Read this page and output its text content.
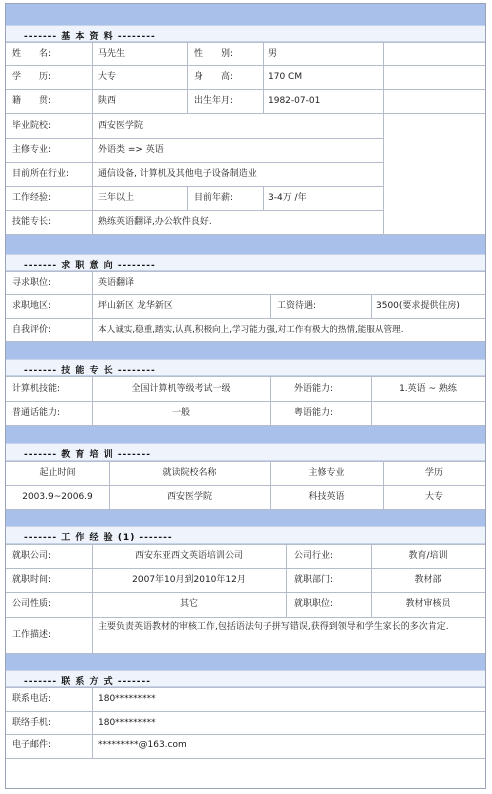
------- 基 本 资 料 --------
姓　　名:	马先生	性　　别:	男
学　　历:	大专	身　　高:	170 CM
籍　　贯:	陕西	出生年月:	1982-07-01
毕业院校:	西安医学院
主修专业:	外语类 => 英语
目前所在行业:	通信设备, 计算机及其他电子设备制造业
工作经验:	三年以上	目前年薪:	3-4万 /年
技能专长:	熟练英语翻译,办公软件良好.
------- 求 职 意 向 --------
寻求职位:	英语翻译
求职地区:	坪山新区 龙华新区	工资待遇:	3500(要求提供住房)
自我评价:	本人诚实,稳重,踏实,认真,积极向上,学习能力强,对工作有极大的热情,能服从管理.
------- 技 能 专 长 --------
计算机技能:	全国计算机等级考试一级	外语能力:	1.英语 ~ 熟练
普通话能力:	一般	粤语能力:
------- 教 育 培 训 -------
起止时间	就读院校名称	主修专业	学历
2003.9~2006.9	西安医学院	科技英语	大专
------- 工 作 经 验 (1) -------
就职公司:	西安东亚西文英语培训公司	公司行业:	教育/培训
就职时间:	2007年10月到2010年12月	就职部门:	教材部
公司性质:	其它	就职职位:	教材审核员
工作描述:
主要负责英语教材的审核工作,包括语法句子拼写错误,获得到领导和学生家长的多次肯定.
------- 联 系 方 式 -------
联系电话:	180*********
联络手机:	180*********
电子邮件:	*********@163.com
